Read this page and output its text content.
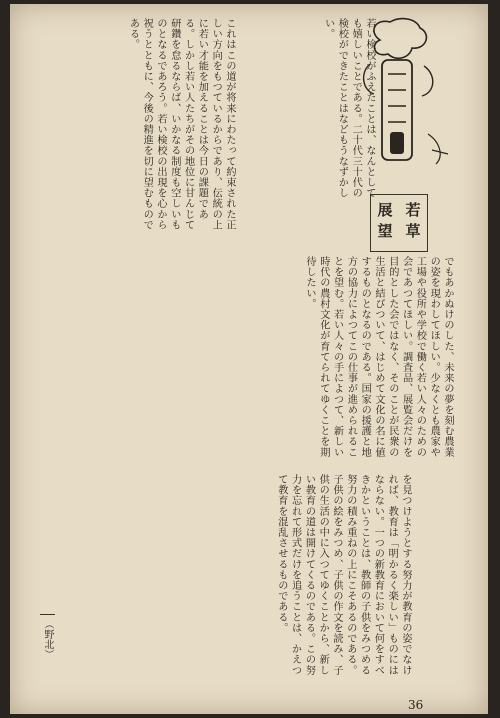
若い検校がふえたことは、なんとしても嬉しいことである。二十代三十代の検校ができたことはなどもうなずかしい。
これはこの道が将来にわたって約束された正しい方向をもつているからであり、伝統の上に若い才能を加えることは今日の課題である。しかし若い人たちがその地位に甘んじて研鑽を怠るならば、いかなる制度も空しいものとなるであろう。若い検校の出現を心から祝うとともに、今後の精進を切に望むものである。
若草
展望
でもあかぬけのした、未来の夢を刻む農業の姿を現わしてほしい。少なくとも農家や工場や役所や学校で働く若い人々のための会であつてほしい。調査品、展覧会だけを目的とした会ではなく、そのことが民衆の生活と結びついて、はじめて文化の名に値するものとなるのである。国家の援護と地方の協力によつてこの仕事が進められることを望む。若い人々の手によつて、新しい時代の農村文化が育てられてゆくことを期待したい。
を見つけようとする努力が教育の姿でなければ、教育は「明かるく楽しい」ものにはならない。一つの新教育において何をすべきかということは、教師の子供をみつめる努力の積み重ねの上にこそあるのである。子供の絵をみつめ、子供の作文を読み、子供の生活の中に入つてゆくことから、新しい教育の道は開けてくるのである。この努力を忘れて形式だけを追うことは、かえつて教育を混乱させるものである。
（野北）
36
